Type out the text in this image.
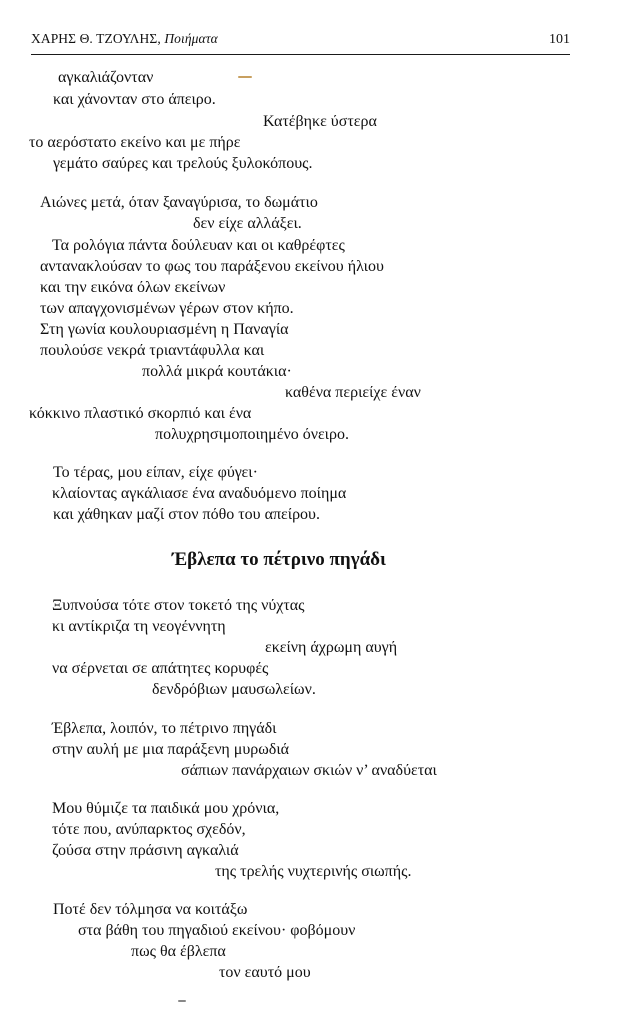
ΧΑΡΗΣ Θ. ΤΖΟΥΛΗΣ, Ποιήματα	101
αγκαλιάζονταν
και χάνονταν στο άπειρο.
Κατέβηκε ύστερα
το αερόστατο εκείνο και με πήρε
γεμάτο σαύρες και τρελούς ξυλοκόπους.
Αιώνες μετά, όταν ξαναγύρισα, το δωμάτιο
δεν είχε αλλάξει.
Τα ρολόγια πάντα δούλευαν και οι καθρέφτες
αντανακλούσαν το φως του παράξενου εκείνου ήλιου
και την εικόνα όλων εκείνων
των απαγχονισμένων γέρων στον κήπο.
Στη γωνία κουλουριασμένη η Παναγία
πουλούσε νεκρά τριαντάφυλλα και
πολλά μικρά κουτάκια·
καθένα περιείχε έναν
κόκκινο πλαστικό σκορπιό και ένα
πολυχρησιμοποιημένο όνειρο.
Το τέρας, μου είπαν, είχε φύγει·
κλαίοντας αγκάλιασε ένα αναδυόμενο ποίημα
και χάθηκαν μαζί στον πόθο του απείρου.
Έβλεπα το πέτρινο πηγάδι
Ξυπνούσα τότε στον τοκετό της νύχτας
κι αντίκριζα τη νεογέννητη
εκείνη άχρωμη αυγή
να σέρνεται σε απάτητες κορυφές
δενδρόβιων μαυσωλείων.
Έβλεπα, λοιπόν, το πέτρινο πηγάδι
στην αυλή με μια παράξενη μυρωδιά
σάπιων πανάρχαιων σκιών ν’ αναδύεται
Μου θύμιζε τα παιδικά μου χρόνια,
τότε που, ανύπαρκτος σχεδόν,
ζούσα στην πράσινη αγκαλιά
της τρελής νυχτερινής σιωπής.
Ποτέ δεν τόλμησα να κοιτάξω
στα βάθη του πηγαδιού εκείνου· φοβόμουν
πως θα έβλεπα
τον εαυτό μου
